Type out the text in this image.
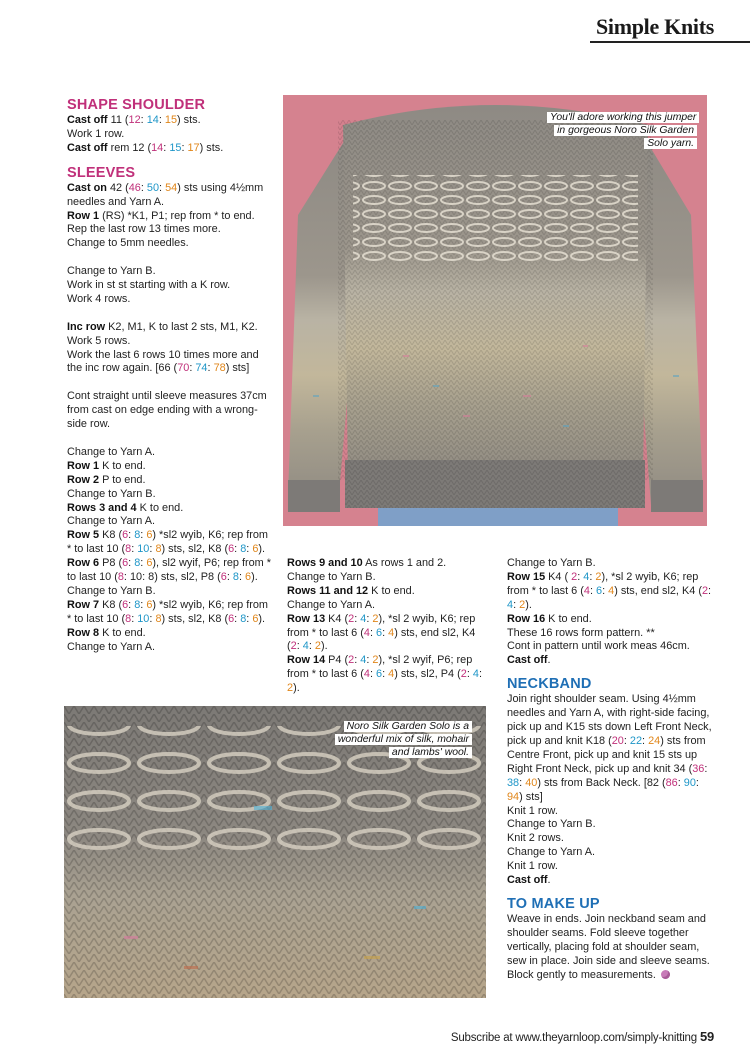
Simple Knits

SHAPE SHOULDER

Cast off 11 (12: 14: 15) sts.

Work 1 row.

Cast off rem 12 (14: 15: 17) sts.

SLEEVES

Cast on 42 (46: 50: 54) sts using 4½mm needles and Yarn A.

Row 1 (RS) *K1, P1; rep from * to end.

Rep the last row 13 times more.

Change to 5mm needles.

Change to Yarn B.

Work in st st starting with a K row.

Work 4 rows.

Inc row K2, M1, K to last 2 sts, M1, K2.

Work 5 rows.

Work the last 6 rows 10 times more and the inc row again. [66 (70: 74: 78) sts]

Cont straight until sleeve measures 37cm from cast on edge ending with a wrong-side row.

Change to Yarn A.

Row 1 K to end.

Row 2 P to end.

Change to Yarn B.

Rows 3 and 4 K to end.

Change to Yarn A.

Row 5 K8 (6: 8: 6) *sl2 wyib, K6; rep from * to last 10 (8: 10: 8) sts, sl2, K8 (6: 8: 6).

Row 6 P8 (6: 8: 6), sl2 wyif, P6; rep from * to last 10 (8: 10: 8) sts, sl2, P8 (6: 8: 6).

Change to Yarn B.

Row 7 K8 (6: 8: 6) *sl2 wyib, K6; rep from * to last 10 (8: 10: 8) sts, sl2, K8 (6: 8: 6).

Row 8 K to end.

Change to Yarn A.

Rows 9 and 10 As rows 1 and 2.

Change to Yarn B.

Rows 11 and 12 K to end.

Change to Yarn A.

Row 13 K4 (2: 4: 2), *sl 2 wyib, K6; rep from * to last 6 (4: 6: 4) sts, end sl2, K4 (2: 4: 2).

Row 14 P4 (2: 4: 2), *sl 2 wyif, P6; rep from * to last 6 (4: 6: 4) sts, sl2, P4 (2: 4: 2).

Change to Yarn B.

Row 15 K4 ( 2: 4: 2), *sl 2 wyib, K6; rep from * to last 6 (4: 6: 4) sts, end sl2, K4 (2: 4: 2).

Row 16 K to end.

These 16 rows form pattern. **

Cont in pattern until work meas 46cm.

Cast off.

NECKBAND

Join right shoulder seam. Using 4½mm needles and Yarn A, with right-side facing, pick up and K15 sts down Left Front Neck, pick up and knit K18 (20: 22: 24) sts from Centre Front, pick up and knit 15 sts up Right Front Neck, pick up and knit 34 (36: 38: 40) sts from Back Neck. [82 (86: 90: 94) sts]

Knit 1 row.

Change to Yarn B.

Knit 2 rows.

Change to Yarn A.

Knit 1 row.

Cast off.

TO MAKE UP

Weave in ends. Join neckband seam and shoulder seams. Fold sleeve together vertically, placing fold at shoulder seam, sew in place. Join side and sleeve seams. Block gently to measurements.

You'll adore working this jumper in gorgeous Noro Silk Garden Solo yarn.
Noro Silk Garden Solo is a wonderful mix of silk, mohair and lambs' wool.
Subscribe at www.theyarnloop.com/simply-knitting 59
